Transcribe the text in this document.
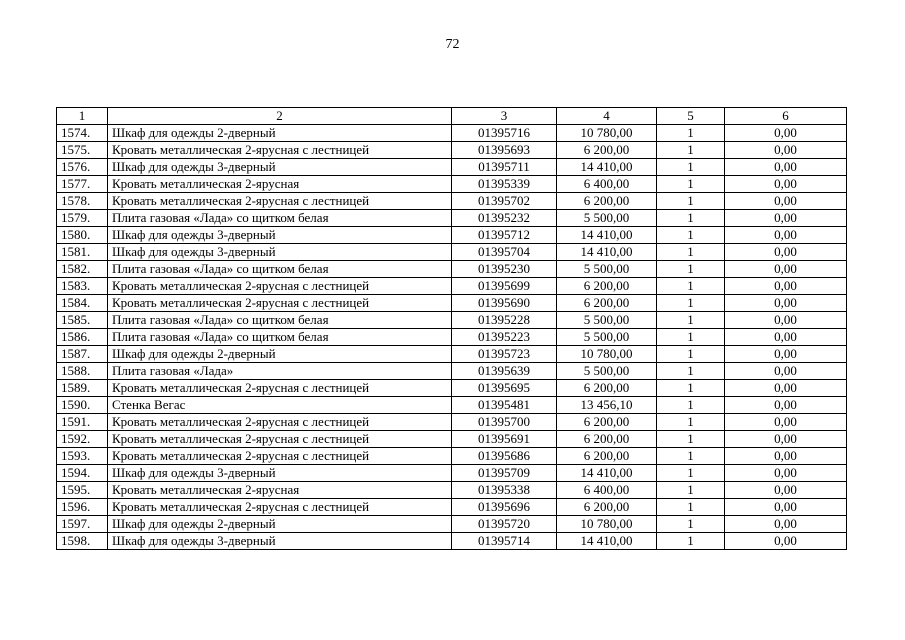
72
1	2	3	4	5	6
1574.	Шкаф для одежды 2-дверный	01395716	10 780,00	1	0,00
1575.	Кровать металлическая 2-ярусная с лестницей	01395693	6 200,00	1	0,00
1576.	Шкаф для одежды 3-дверный	01395711	14 410,00	1	0,00
1577.	Кровать металлическая 2-ярусная	01395339	6 400,00	1	0,00
1578.	Кровать металлическая 2-ярусная с лестницей	01395702	6 200,00	1	0,00
1579.	Плита газовая «Лада» со щитком белая	01395232	5 500,00	1	0,00
1580.	Шкаф для одежды 3-дверный	01395712	14 410,00	1	0,00
1581.	Шкаф для одежды 3-дверный	01395704	14 410,00	1	0,00
1582.	Плита газовая «Лада» со щитком белая	01395230	5 500,00	1	0,00
1583.	Кровать металлическая 2-ярусная с лестницей	01395699	6 200,00	1	0,00
1584.	Кровать металлическая 2-ярусная с лестницей	01395690	6 200,00	1	0,00
1585.	Плита газовая «Лада» со щитком белая	01395228	5 500,00	1	0,00
1586.	Плита газовая «Лада» со щитком белая	01395223	5 500,00	1	0,00
1587.	Шкаф для одежды 2-дверный	01395723	10 780,00	1	0,00
1588.	Плита газовая «Лада»	01395639	5 500,00	1	0,00
1589.	Кровать металлическая 2-ярусная с лестницей	01395695	6 200,00	1	0,00
1590.	Стенка Вегас	01395481	13 456,10	1	0,00
1591.	Кровать металлическая 2-ярусная с лестницей	01395700	6 200,00	1	0,00
1592.	Кровать металлическая 2-ярусная с лестницей	01395691	6 200,00	1	0,00
1593.	Кровать металлическая 2-ярусная с лестницей	01395686	6 200,00	1	0,00
1594.	Шкаф для одежды 3-дверный	01395709	14 410,00	1	0,00
1595.	Кровать металлическая 2-ярусная	01395338	6 400,00	1	0,00
1596.	Кровать металлическая 2-ярусная с лестницей	01395696	6 200,00	1	0,00
1597.	Шкаф для одежды 2-дверный	01395720	10 780,00	1	0,00
1598.	Шкаф для одежды 3-дверный	01395714	14 410,00	1	0,00
